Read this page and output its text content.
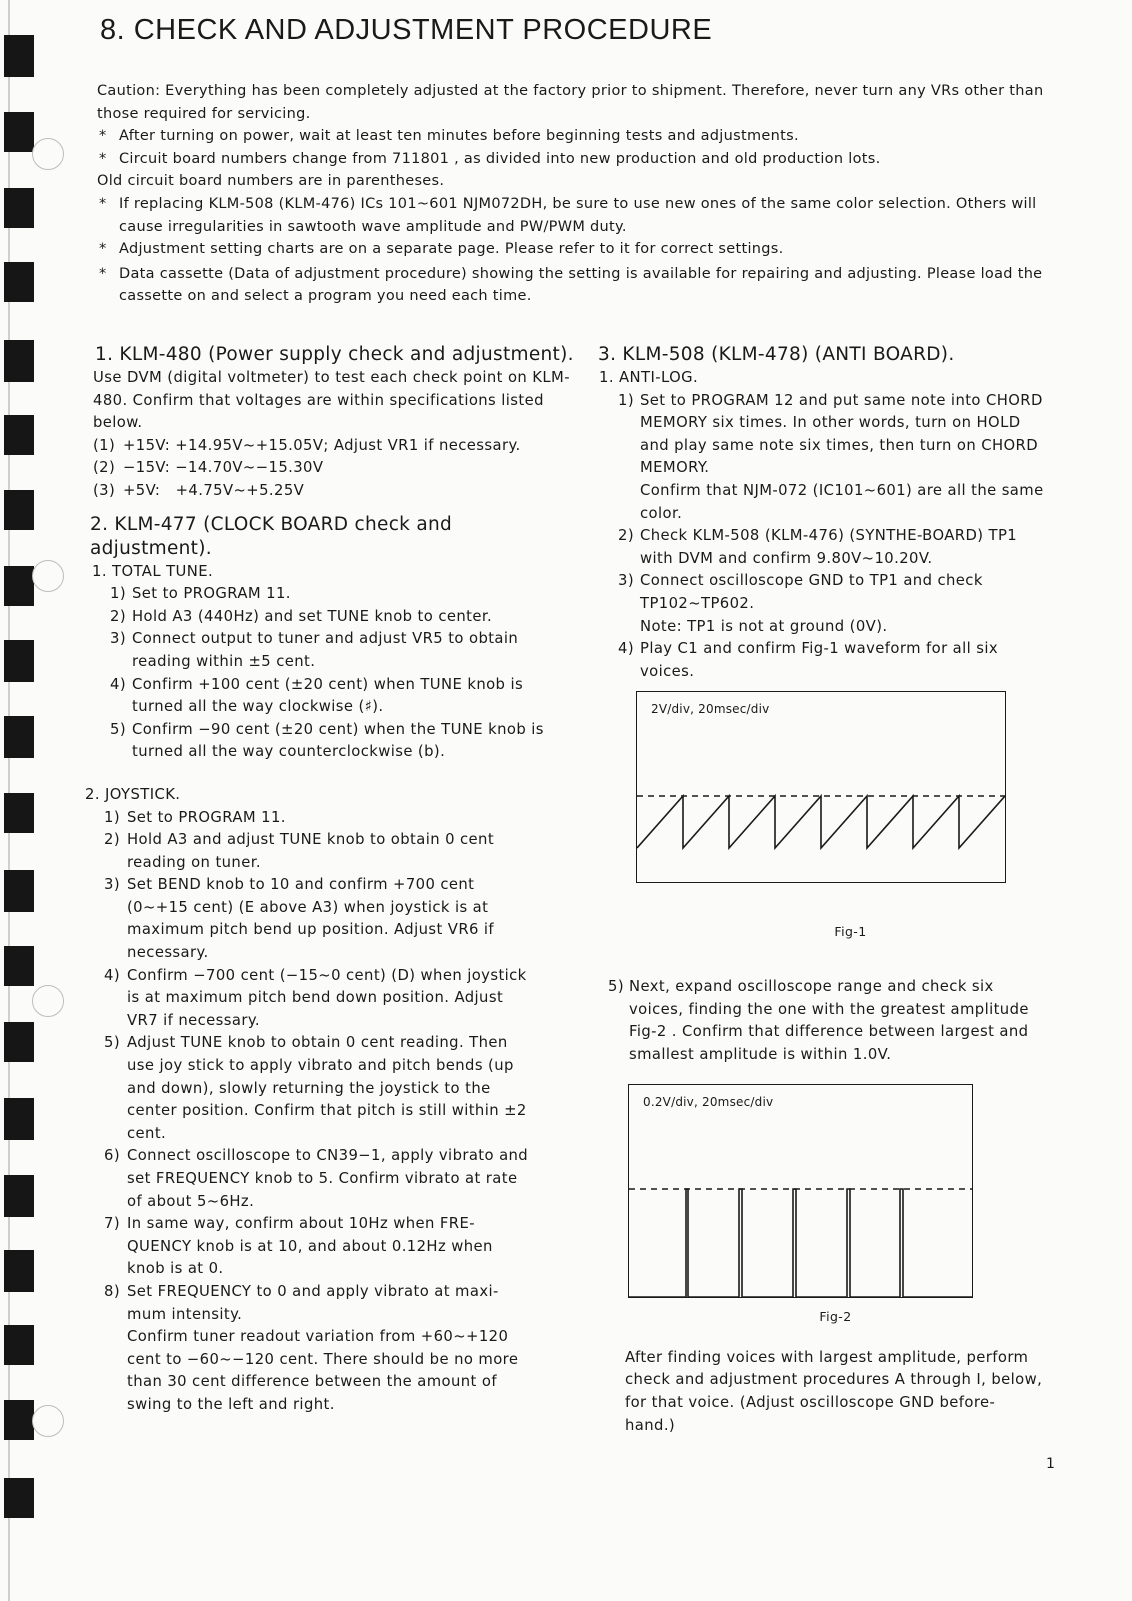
8. CHECK AND ADJUSTMENT PROCEDURE

Caution: Everything has been completely adjusted at the factory prior to shipment. Therefore, never turn any VRs other than those required for servicing.

* After turning on power, wait at least ten minutes before beginning tests and adjustments.

* Circuit board numbers change from 711801 , as divided into new production and old production lots.

Old circuit board numbers are in parentheses.

* If replacing KLM-508 (KLM-476) ICs 101~601 NJM072DH, be sure to use new ones of the same color selection. Others will cause irregularities in sawtooth wave amplitude and PW/PWM duty.

* Adjustment setting charts are on a separate page. Please refer to it for correct settings.

* Data cassette (Data of adjustment procedure) showing the setting is available for repairing and adjusting. Please load the cassette on and select a program you need each time.

1. KLM-480 (Power supply check and adjustment).

Use DVM (digital voltmeter) to test each check point on KLM-480. Confirm that voltages are within specifications listed below.

(1) +15V: +14.95V~+15.05V; Adjust VR1 if necessary.
(2) −15V: −14.70V~−15.30V
(3) +5V:   +4.75V~+5.25V
2. KLM-477 (CLOCK BOARD check and adjustment).

1. TOTAL TUNE.

1) Set to PROGRAM 11.
2) Hold A3 (440Hz) and set TUNE knob to center.
3) Connect output to tuner and adjust VR5 to obtain reading within ±5 cent.
4) Confirm +100 cent (±20 cent) when TUNE knob is turned all the way clockwise (♯).
5) Confirm −90 cent (±20 cent) when the TUNE knob is turned all the way counterclockwise (b).

2. JOYSTICK.

1) Set to PROGRAM 11.
2) Hold A3 and adjust TUNE knob to obtain 0 cent reading on tuner.
3) Set BEND knob to 10 and confirm +700 cent (0~+15 cent) (E above A3) when joystick is at maximum pitch bend up position. Adjust VR6 if necessary.
4) Confirm −700 cent (−15~0 cent) (D) when joystick is at maximum pitch bend down position. Adjust VR7 if necessary.
5) Adjust TUNE knob to obtain 0 cent reading. Then use joy stick to apply vibrato and pitch bends (up and down), slowly returning the joystick to the center position. Confirm that pitch is still within ±2 cent.
6) Connect oscilloscope to CN39−1, apply vibrato and set FREQUENCY knob to 5. Confirm vibrato at rate of about 5~6Hz.
7) In same way, confirm about 10Hz when FRE-QUENCY knob is at 10, and about 0.12Hz when knob is at 0.
8) Set FREQUENCY to 0 and apply vibrato at maxi-mum intensity.

Confirm tuner readout variation from +60~+120 cent to −60~−120 cent. There should be no more than 30 cent difference between the amount of swing to the left and right.

3. KLM-508 (KLM-478) (ANTI BOARD).

1. ANTI-LOG.

1) Set to PROGRAM 12 and put same note into CHORD MEMORY six times. In other words, turn on HOLD and play same note six times, then turn on CHORD MEMORY.

Confirm that NJM-072 (IC101~601) are all the same color.

2) Check KLM-508 (KLM-476) (SYNTHE-BOARD) TP1 with DVM and confirm 9.80V~10.20V.
3) Connect oscilloscope GND to TP1 and check TP102~TP602.

Note: TP1 is not at ground (0V).

4) Play C1 and confirm Fig-1 waveform for all six voices.
2V/div, 20msec/div
Fig-1
5) Next, expand oscilloscope range and check six voices, finding the one with the greatest amplitude Fig-2 . Confirm that difference between largest and smallest amplitude is within 1.0V.
0.2V/div, 20msec/div
Fig-2

After finding voices with largest amplitude, perform check and adjustment procedures A through I, below, for that voice. (Adjust oscilloscope GND before-hand.)

1
